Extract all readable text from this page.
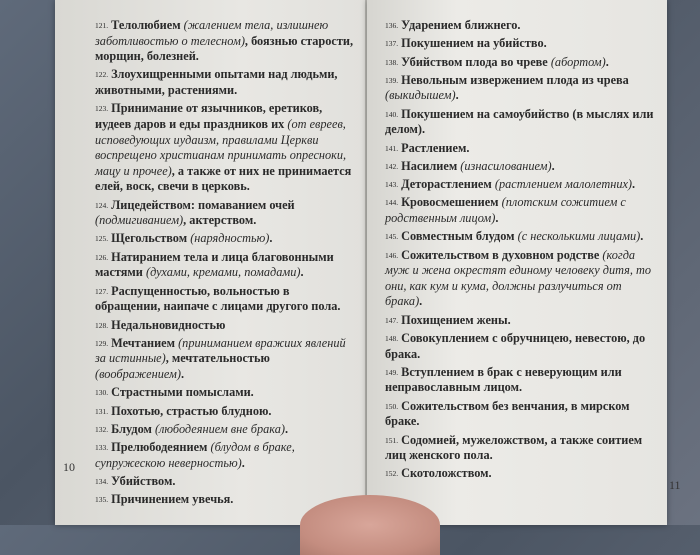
121. Телолюбием (жалением тела, излишнею заботливостью о телесном), боязнью старости, морщин, болезней.
122. Злоухищренными опытами над людьми, животными, растениями.
123. Принимание от язычников, еретиков, иудеев даров и еды праздников их (от евреев, исповедующих иудаизм, правилами Церкви воспрещено христианам принимать опресноки, мацу и прочее), а также от них не принимается елей, воск, свечи в церковь.
124. Лицедейством: помаванием очей (подмигиванием), актерством.
125. Щегольством (нарядностью).
126. Натиранием тела и лица благовонными мастями (духами, кремами, помадами).
127. Распущенностью, вольностью в обращении, наипаче с лицами другого пола.
128. Недальновидностью
129. Мечтанием (приниманием вражиих явлений за истинные), мечтательностью (воображением).
130. Страстными помыслами.
131. Похотью, страстью блудною.
132. Блудом (любодеянием вне брака).
133. Прелюбодеянием (блудом в браке, супружескою неверностью).
134. Убийством.
135. Причинением увечья.
10
136. Ударением ближнего.
137. Покушением на убийство.
138. Убийством плода во чреве (абортом).
139. Невольным извержением плода из чрева (выкидышем).
140. Покушением на самоубийство (в мыслях или делом).
141. Растлением.
142. Насилием (изнасилованием).
143. Деторастлением (растлением малолетних).
144. Кровосмешением (плотским сожитием с родственным лицом).
145. Совместным блудом (с несколькими лицами).
146. Сожительством в духовном родстве (когда муж и жена окрестят единому человеку дитя, то они, как кум и кума, должны разлучиться от брака).
147. Похищением жены.
148. Совокуплением с обручницею, невестою, до брака.
149. Вступлением в брак с неверующим или неправославным лицом.
150. Сожительством без венчания, в мирском браке.
151. Содомией, мужеложством, а также соитием лиц женского пола.
152. Скотоложством.
11
